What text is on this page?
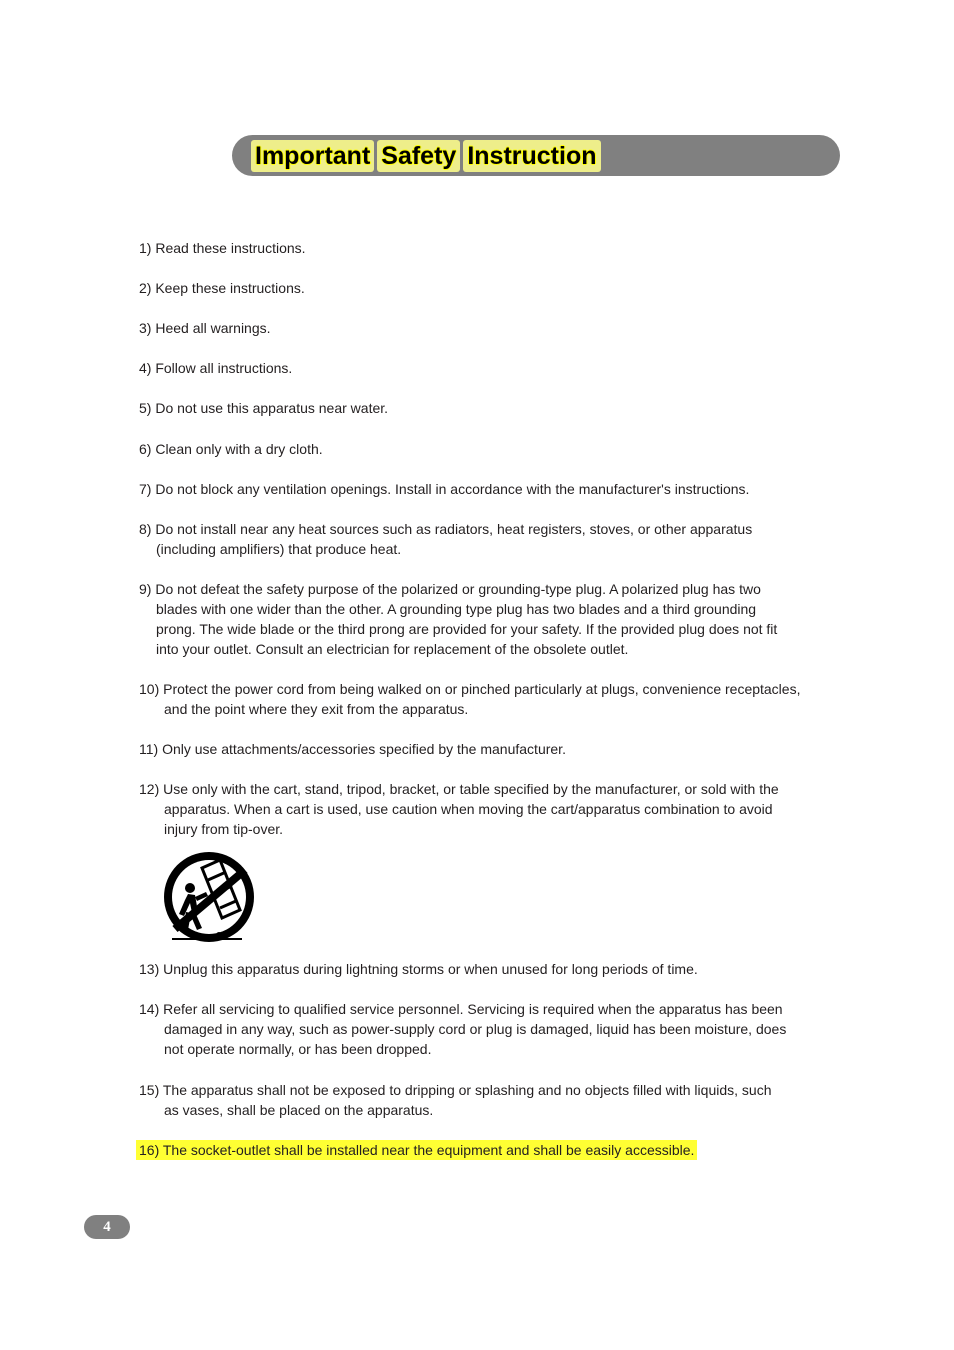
Important Safety Instruction
1) Read these instructions.
2) Keep these instructions.
3) Heed all warnings.
4) Follow all instructions.
5) Do not use this apparatus near water.
6) Clean only with a dry cloth.
7) Do not block any ventilation openings. Install in accordance with the manufacturer's instructions.
8) Do not install near any heat sources such as radiators, heat registers, stoves, or other apparatus
(including amplifiers) that produce heat.
9) Do not defeat the safety purpose of the polarized or grounding-type plug. A polarized plug has two
blades with one wider than the other. A grounding type plug has two blades and a third grounding
prong. The wide blade or the third prong are provided for your safety. If the provided plug does not fit
into your outlet. Consult an electrician for replacement of the obsolete outlet.
10) Protect the power cord from being walked on or pinched particularly at plugs, convenience receptacles,
and the point where they exit from the apparatus.
11) Only use attachments/accessories specified by the manufacturer.
12) Use only with the cart, stand, tripod, bracket, or table specified by the manufacturer, or sold with the
apparatus. When a cart is used, use caution when moving the cart/apparatus combination to avoid
injury from tip-over.
13) Unplug this apparatus during lightning storms or when unused for long periods of time.
14) Refer all servicing to qualified service personnel. Servicing is required when the apparatus has been
damaged in any way, such as power-supply cord or plug is damaged, liquid has been moisture, does
not operate normally, or has been dropped.
15) The apparatus shall not be exposed to dripping or splashing and no objects filled with liquids, such
as vases, shall be placed on the apparatus.
16) The socket-outlet shall be installed near the equipment and shall be easily accessible.
4
